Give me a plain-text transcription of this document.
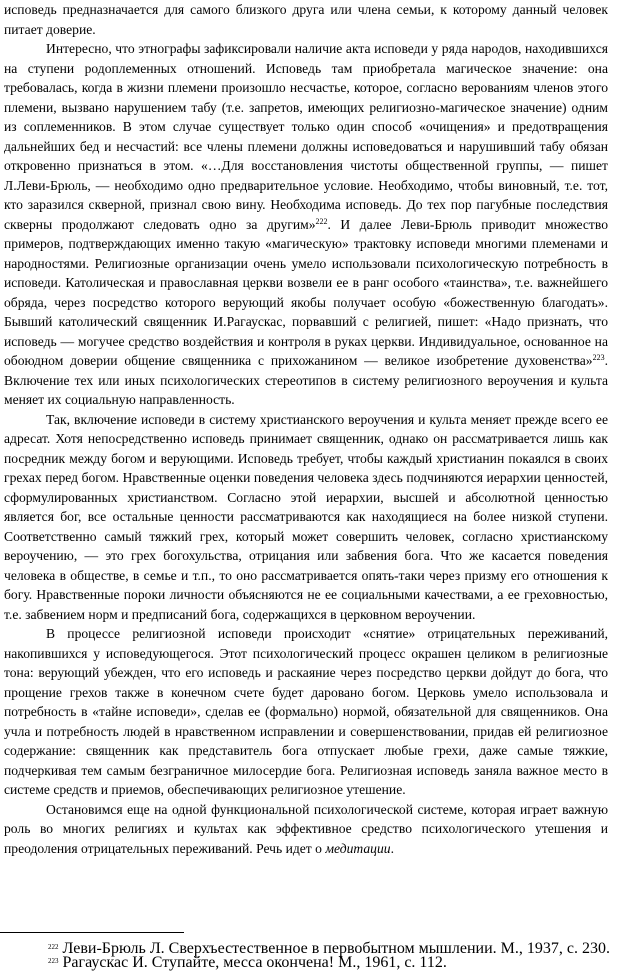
исповедь предназначается для самого близкого друга или члена семьи, к которому данный человек питает доверие.

Интересно, что этнографы зафиксировали наличие акта исповеди у ряда народов, находившихся на ступени родоплеменных отношений. Исповедь там приобретала магическое значение: она требовалась, когда в жизни племени произошло несчастье, которое, согласно верованиям членов этого племени, вызвано нарушением табу (т.е. запретов, имеющих религиозно-магическое значение) одним из соплеменников. В этом случае существует только один способ «очищения» и предотвращения дальнейших бед и несчастий: все члены племени должны исповедоваться и нарушивший табу обязан откровенно признаться в этом. «…Для восстановления чистоты общественной группы, — пишет Л.Леви-Брюль, — необходимо одно предварительное условие. Необходимо, чтобы виновный, т.е. тот, кто заразился скверной, признал свою вину. Необходима исповедь. До тех пор пагубные последствия скверны продолжают следовать одно за другим»$^{222}$. И далее Леви-Брюль приводит множество примеров, подтверждающих именно такую «магическую» трактовку исповеди многими племенами и народностями. Религиозные организации очень умело использовали психологическую потребность в исповеди. Католическая и православная церкви возвели ее в ранг особого «таинства», т.е. важнейшего обряда, через посредство которого верующий якобы получает особую «божественную благодать». Бывший католический священник И.Рагаускас, порвавший с религией, пишет: «Надо признать, что исповедь — могучее средство воздействия и контроля в руках церкви. Индивидуальное, основанное на обоюдном доверии общение священника с прихожанином — великое изобретение духовенства»$^{223}$. Включение тех или иных психологических стереотипов в систему религиозного вероучения и культа меняет их социальную направленность.

Так, включение исповеди в систему христианского вероучения и культа меняет прежде всего ее адресат. Хотя непосредственно исповедь принимает священник, однако он рассматривается лишь как посредник между богом и верующими. Исповедь требует, чтобы каждый христианин покаялся в своих грехах перед богом. Нравственные оценки поведения человека здесь подчиняются иерархии ценностей, сформулированных христианством. Согласно этой иерархии, высшей и абсолютной ценностью является бог, все остальные ценности рассматриваются как находящиеся на более низкой ступени. Соответственно самый тяжкий грех, который может совершить человек, согласно христианскому вероучению, — это грех богохульства, отрицания или забвения бога. Что же касается поведения человека в обществе, в семье и т.п., то оно рассматривается опять-таки через призму его отношения к богу. Нравственные пороки личности объясняются не ее социальными качествами, а ее греховностью, т.е. забвением норм и предписаний бога, содержащихся в церковном вероучении.

В процессе религиозной исповеди происходит «снятие» отрицательных переживаний, накопившихся у исповедующегося. Этот психологический процесс окрашен целиком в религиозные тона: верующий убежден, что его исповедь и раскаяние через посредство церкви дойдут до бога, что прощение грехов также в конечном счете будет даровано богом. Церковь умело использовала и потребность в «тайне исповеди», сделав ее (формально) нормой, обязательной для священников. Она учла и потребность людей в нравственном исправлении и совершенствовании, придав ей религиозное содержание: священник как представитель бога отпускает любые грехи, даже самые тяжкие, подчеркивая тем самым безграничное милосердие бога. Религиозная исповедь заняла важное место в системе средств и приемов, обеспечивающих религиозное утешение.

Остановимся еще на одной функциональной психологической системе, которая играет важную роль во многих религиях и культах как эффективное средство психологического утешения и преодоления отрицательных переживаний. Речь идет о медитации.

$^{222}$ Леви-Брюль Л. Сверхъестественное в первобытном мышлении. М., 1937, с. 230.
$^{223}$ Рагаускас И. Ступайте, месса окончена! М., 1961, с. 112.
